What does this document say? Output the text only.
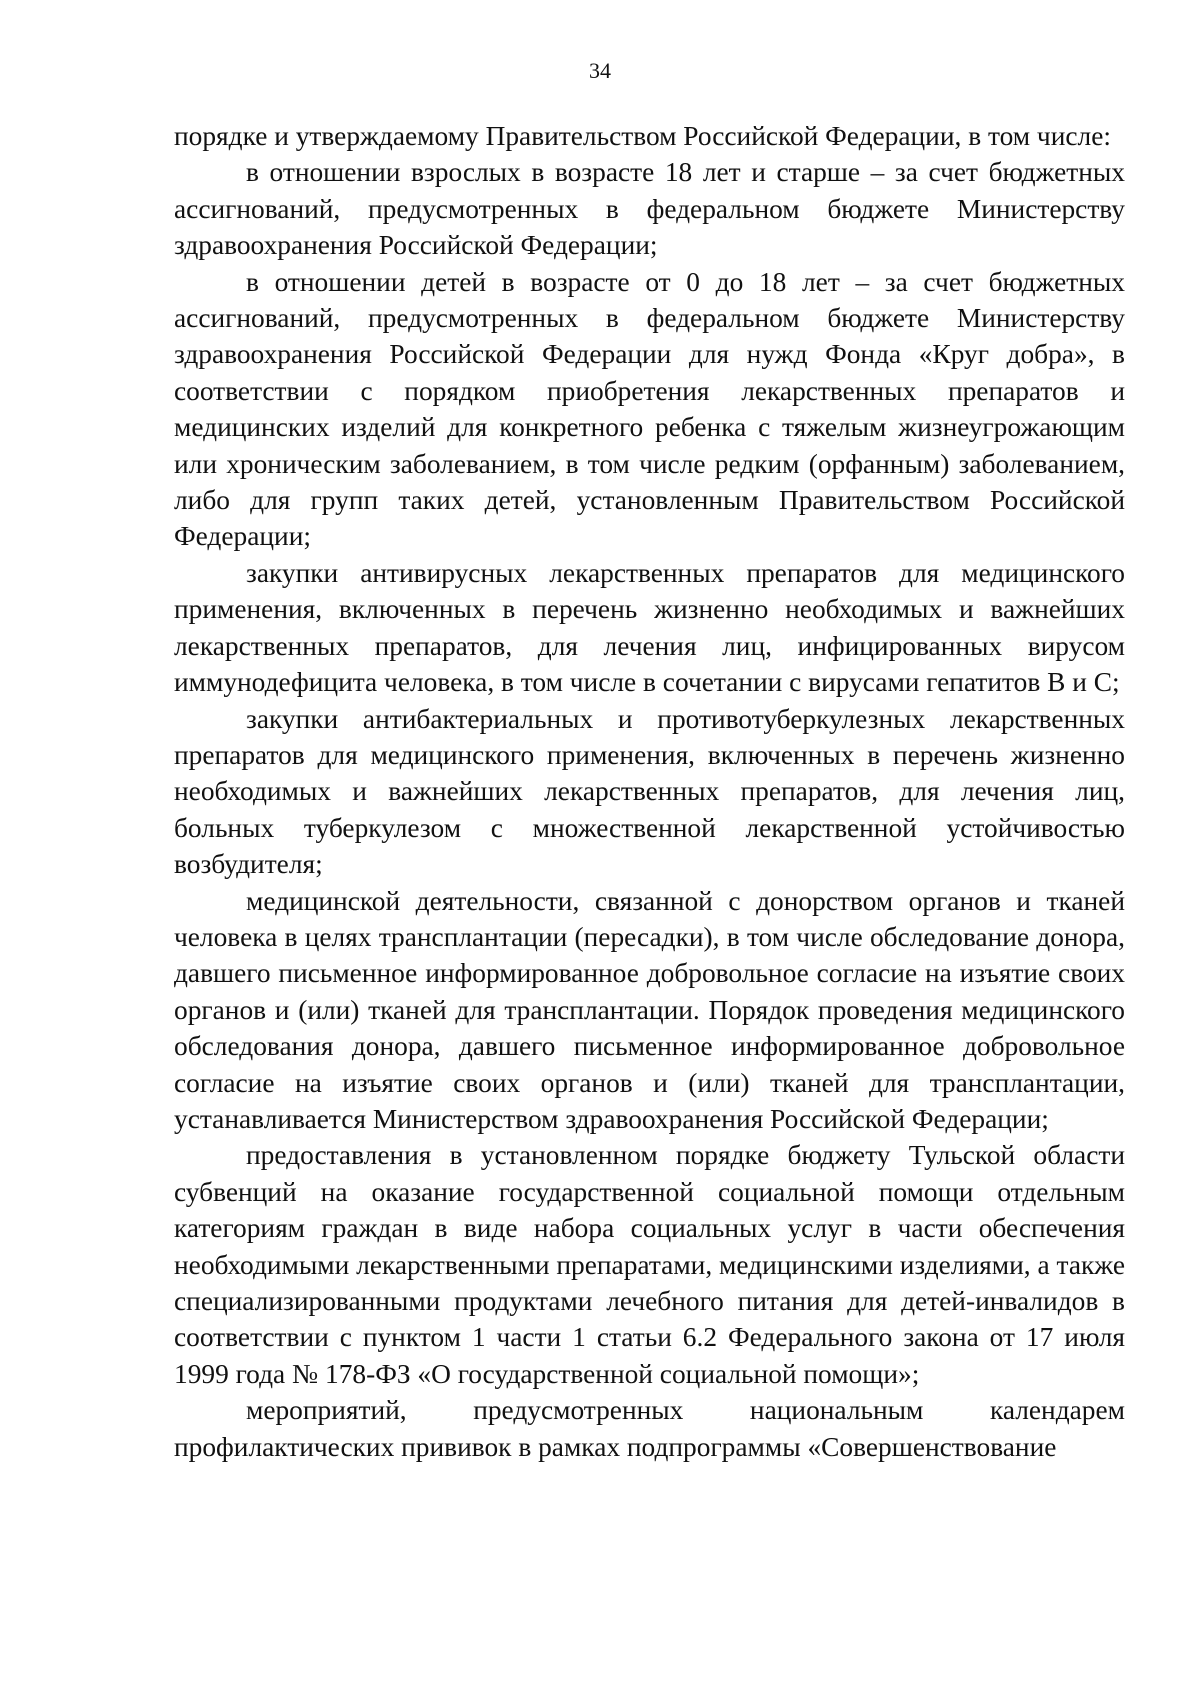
34

порядке и утверждаемому Правительством Российской Федерации, в том числе:

в отношении взрослых в возрасте 18 лет и старше – за счет бюджетных ассигнований, предусмотренных в федеральном бюджете Министерству здравоохранения Российской Федерации;

в отношении детей в возрасте от 0 до 18 лет – за счет бюджетных ассигнований, предусмотренных в федеральном бюджете Министерству здравоохранения Российской Федерации для нужд Фонда «Круг добра», в соответствии с порядком приобретения лекарственных препаратов и медицинских изделий для конкретного ребенка с тяжелым жизнеугрожающим или хроническим заболеванием, в том числе редким (орфанным) заболеванием, либо для групп таких детей, установленным Правительством Российской Федерации;

закупки антивирусных лекарственных препаратов для медицинского применения, включенных в перечень жизненно необходимых и важнейших лекарственных препаратов, для лечения лиц, инфицированных вирусом иммунодефицита человека, в том числе в сочетании с вирусами гепатитов B и C;

закупки антибактериальных и противотуберкулезных лекарственных препаратов для медицинского применения, включенных в перечень жизненно необходимых и важнейших лекарственных препаратов, для лечения лиц, больных туберкулезом с множественной лекарственной устойчивостью возбудителя;

медицинской деятельности, связанной с донорством органов и тканей человека в целях трансплантации (пересадки), в том числе обследование донора, давшего письменное информированное добровольное согласие на изъятие своих органов и (или) тканей для трансплантации. Порядок проведения медицинского обследования донора, давшего письменное информированное добровольное согласие на изъятие своих органов и (или) тканей для трансплантации, устанавливается Министерством здравоохранения Российской Федерации;

предоставления в установленном порядке бюджету Тульской области субвенций на оказание государственной социальной помощи отдельным категориям граждан в виде набора социальных услуг в части обеспечения необходимыми лекарственными препаратами, медицинскими изделиями, а также специализированными продуктами лечебного питания для детей-инвалидов в соответствии с пунктом 1 части 1 статьи 6.2 Федерального закона от 17 июля 1999 года № 178-ФЗ «О государственной социальной помощи»;

мероприятий, предусмотренных национальным календарем профилактических прививок в рамках подпрограммы «Совершенствование
